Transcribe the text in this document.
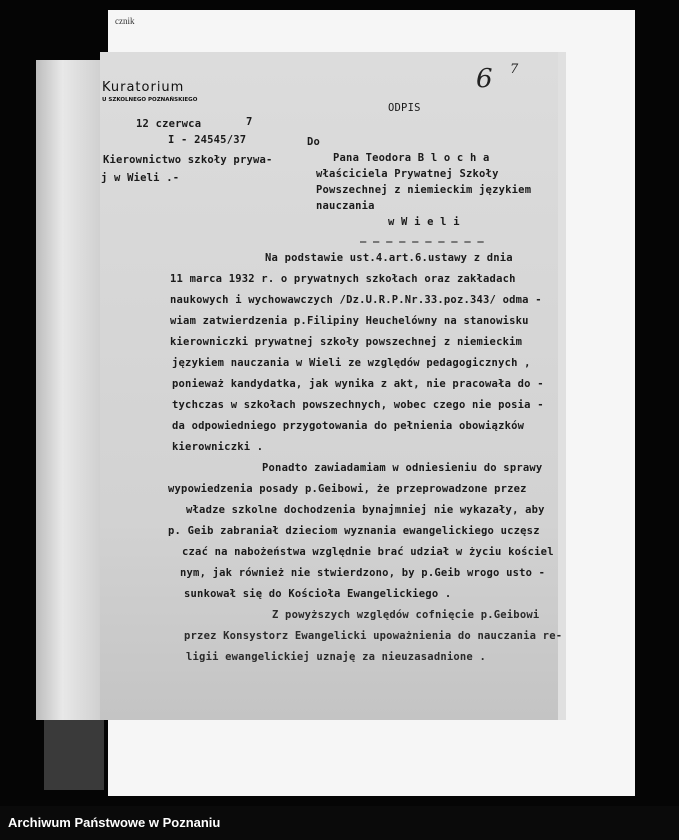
cznik
Kuratorium
U SZKOLNEGO POZNAŃSKIEGO
6 7
ODPIS
12 czerwca	7
I - 24545/37
Kierownictwo szkoły prywa-
j w Wieli .-
Do
Pana Teodora B l o c h a
właściciela Prywatnej Szkoły
Powszechnej z niemieckim językiem
nauczania
w W i e l i
_ _ _ _ _ _ _ _ _ _
Na podstawie ust.4.art.6.ustawy z dnia
11 marca 1932 r. o prywatnych szkołach oraz zakładach
naukowych i wychowawczych /Dz.U.R.P.Nr.33.poz.343/ odma -
wiam zatwierdzenia p.Filipiny Heuchelówny na stanowisku
kierowniczki prywatnej szkoły powszechnej z niemieckim
językiem nauczania w Wieli ze względów pedagogicznych ,
ponieważ kandydatka, jak wynika z akt, nie pracowała do -
tychczas w szkołach powszechnych, wobec czego nie posia -
da odpowiedniego przygotowania do pełnienia obowiązków
kierowniczki .
Ponadto zawiadamiam w odniesieniu do sprawy
wypowiedzenia posady p.Geibowi, że przeprowadzone przez
władze szkolne dochodzenia bynajmniej nie wykazały, aby
p. Geib zabraniał dzieciom wyznania ewangelickiego uczęsz
czać na nabożeństwa względnie brać udział w życiu kościel
nym, jak również nie stwierdzono, by p.Geib wrogo usto -
sunkował się do Kościoła Ewangelickiego .
Z powyższych względów cofnięcie p.Geibowi
przez Konsystorz Ewangelicki upoważnienia do nauczania re-
ligii ewangelickiej uznaję za nieuzasadnione .
Archiwum Państwowe w Poznaniu
